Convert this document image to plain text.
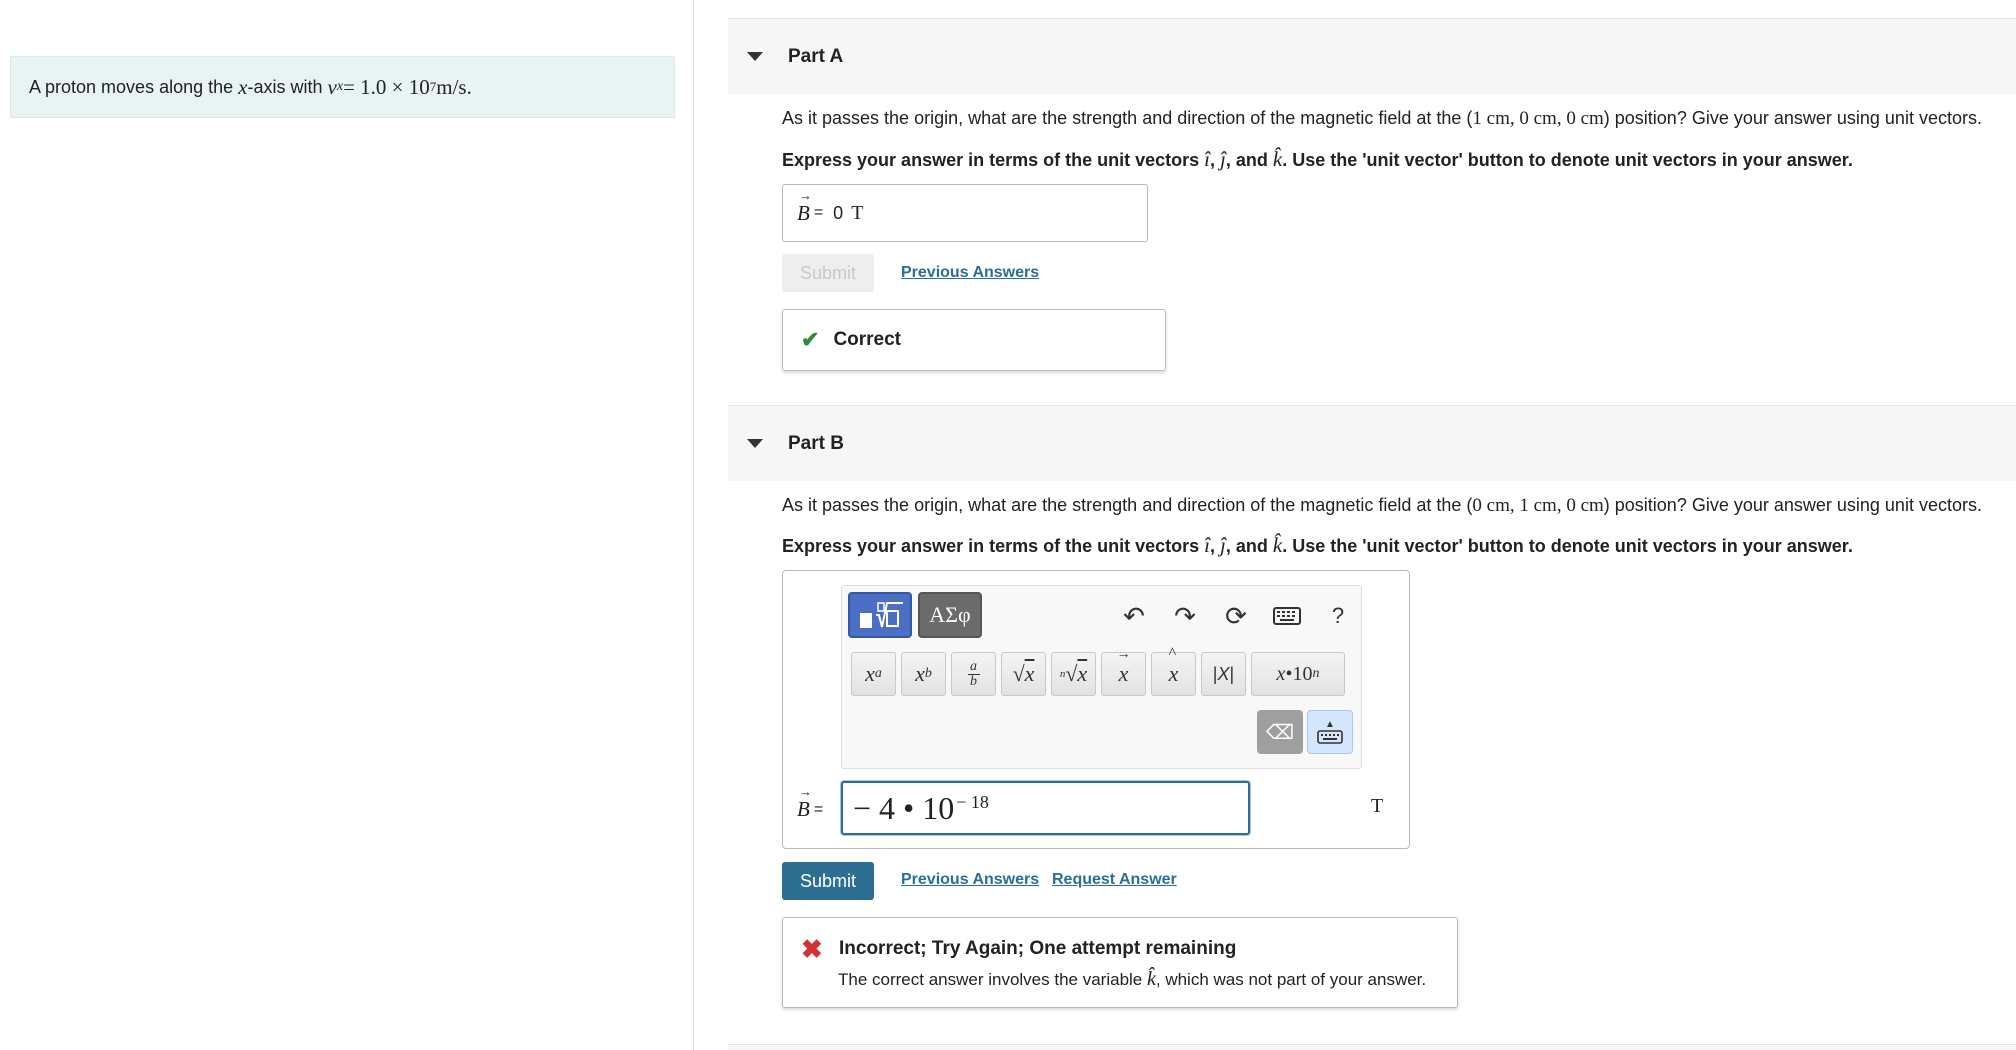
A proton moves along the
x -axis with
v x = 1.0 × 10 7 m/s.
Part A
As it passes the origin, what are the strength and direction of the magnetic field at the (1 cm, 0 cm, 0 cm) position? Give your answer using unit vectors.
Express your answer in terms of the unit vectors î, ĵ, and k̂. Use the 'unit vector' button to denote unit vectors in your answer.
→ B = 0 T
Submit	Previous Answers
✔ Correct
Part B
As it passes the origin, what are the strength and direction of the magnetic field at the (0 cm, 1 cm, 0 cm) position? Give your answer using unit vectors.
Express your answer in terms of the unit vectors î, ĵ, and k̂. Use the 'unit vector' button to denote unit vectors in your answer.
ΑΣφ	↶	↷	⟳	?
x a x b	a
b	√ x n √ x x
→
x
^
| X |	x •10 n
⌫	▲
→ B = − 4 • $10^{- 18}$	T
Submit	Previous Answers Request Answer
✖ Incorrect; Try Again; One attempt remaining
The correct answer involves the variable k̂, which was not part of your answer.
